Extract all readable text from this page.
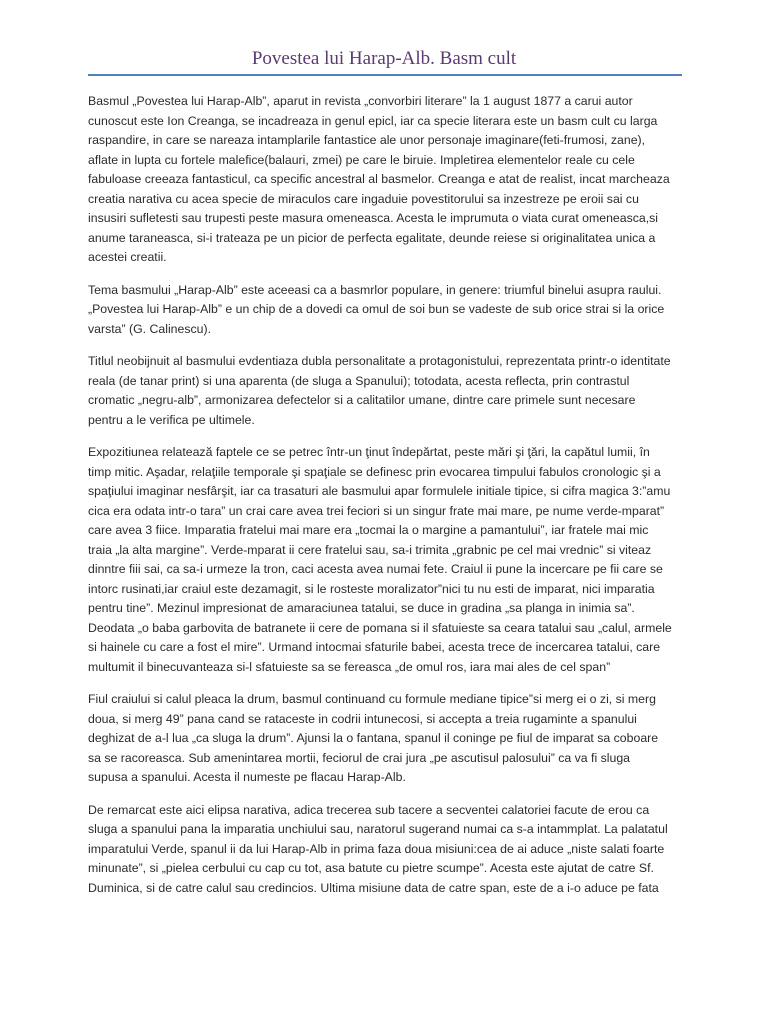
Povestea lui Harap-Alb. Basm cult
Basmul „Povestea lui Harap-Alb”, aparut in revista „convorbiri literare” la 1 august 1877 a carui autor
cunoscut este Ion Creanga, se incadreaza in genul epicl, iar ca specie literara este un basm cult cu larga
raspandire, in care se nareaza intamplarile fantastice ale unor personaje imaginare(feti-frumosi, zane),
aflate in lupta cu fortele malefice(balauri, zmei) pe care le biruie. Impletirea elementelor reale cu cele
fabuloase creeaza fantasticul, ca specific ancestral al basmelor. Creanga e atat de realist, incat marcheaza
creatia narativa cu acea specie de miraculos care ingaduie povestitorului sa inzestreze pe eroii sai cu
insusiri sufletesti sau trupesti peste masura omeneasca. Acesta le imprumuta o viata curat omeneasca,si
anume taraneasca, si-i trateaza pe un picior de perfecta egalitate, deunde reiese si originalitatea unica a
acestei creatii.
Tema basmului „Harap-Alb” este aceeasi ca a basmrlor populare, in genere: triumful binelui asupra raului.
„Povestea lui Harap-Alb” e un chip de a dovedi ca omul de soi bun se vadeste de sub orice strai si la orice
varsta” (G. Calinescu).
Titlul neobijnuit al basmului evdentiaza dubla personalitate a protagonistului, reprezentata printr-o identitate
reala (de tanar print) si una aparenta (de sluga a Spanului); totodata, acesta reflecta, prin contrastul
cromatic „negru-alb”, armonizarea defectelor si a calitatilor umane, dintre care primele sunt necesare
pentru a le verifica pe ultimele.
Expozitiunea relatează faptele ce se petrec într-un ţinut îndepărtat, peste mări şi ţări, la capătul lumii, în
timp mitic. Aşadar, relaţiile temporale şi spaţiale se definesc prin evocarea timpului fabulos cronologic şi a
spaţiului imaginar nesfârşit, iar ca trasaturi ale basmului apar formulele initiale tipice, si cifra magica 3:”amu
cica era odata intr-o tara” un crai care avea trei feciori si un singur frate mai mare, pe nume verde-mparat”
care avea 3 fiice. Imparatia fratelui mai mare era „tocmai la o margine a pamantului”, iar fratele mai mic
traia „la alta margine”. Verde-mparat ii cere fratelui sau, sa-i trimita „grabnic pe cel mai vrednic” si viteaz
dinntre fiii sai, ca sa-i urmeze la tron, caci acesta avea numai fete. Craiul ii pune la incercare pe fii care se
intorc rusinati,iar craiul este dezamagit, si le rosteste moralizator”nici tu nu esti de imparat, nici imparatia
pentru tine”. Mezinul impresionat de amaraciunea tatalui, se duce in gradina „sa planga in inimia sa”.
Deodata „o baba garbovita de batranete ii cere de pomana si il sfatuieste sa ceara tatalui sau „calul, armele
si hainele cu care a fost el mire”. Urmand intocmai sfaturile babei, acesta trece de incercarea tatalui, care
multumit il binecuvanteaza si-l sfatuieste sa se fereasca „de omul ros, iara mai ales de cel span”
Fiul craiului si calul pleaca la drum, basmul continuand cu formule mediane tipice”si merg ei o zi, si merg
doua, si merg 49” pana cand se rataceste in codrii intunecosi, si accepta a treia rugaminte a spanului
deghizat de a-l lua „ca sluga la drum”. Ajunsi la o fantana, spanul il coninge pe fiul de imparat sa coboare
sa se racoreasca. Sub amenintarea mortii, feciorul de crai jura „pe ascutisul palosului” ca va fi sluga
supusa a spanului. Acesta il numeste pe flacau Harap-Alb.
De remarcat este aici elipsa narativa, adica trecerea sub tacere a secventei calatoriei facute de erou ca
sluga a spanului pana la imparatia unchiului sau, naratorul sugerand numai ca s-a intammplat. La palatatul
imparatului Verde, spanul ii da lui Harap-Alb in prima faza doua misiuni:cea de ai aduce „niste salati foarte
minunate”, si „pielea cerbului cu cap cu tot, asa batute cu pietre scumpe”. Acesta este ajutat de catre Sf.
Duminica, si de catre calul sau credincios. Ultima misiune data de catre span, este de a i-o aduce pe fata
